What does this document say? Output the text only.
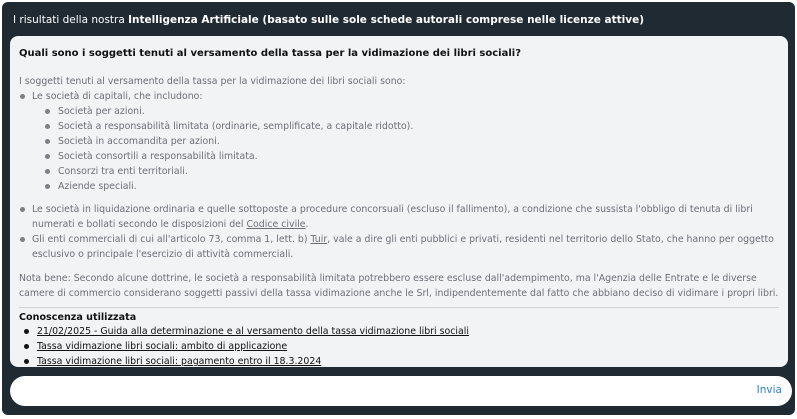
I risultati della nostra Intelligenza Artificiale (basato sulle sole schede autorali comprese nelle licenze attive)
Quali sono i soggetti tenuti al versamento della tassa per la vidimazione dei libri sociali?
I soggetti tenuti al versamento della tassa per la vidimazione dei libri sociali sono:
Le società di capitali, che includono:
Società per azioni.
Società a responsabilità limitata (ordinarie, semplificate, a capitale ridotto).
Società in accomandita per azioni.
Società consortili a responsabilità limitata.
Consorzi tra enti territoriali.
Aziende speciali.
Le società in liquidazione ordinaria e quelle sottoposte a procedure concorsuali (escluso il fallimento), a condizione che sussista l'obbligo di tenuta di libri numerati e bollati secondo le disposizioni del Codice civile.
Gli enti commerciali di cui all'articolo 73, comma 1, lett. b) Tuir, vale a dire gli enti pubblici e privati, residenti nel territorio dello Stato, che hanno per oggetto esclusivo o principale l'esercizio di attività commerciali.
Nota bene: Secondo alcune dottrine, le società a responsabilità limitata potrebbero essere escluse dall'adempimento, ma l'Agenzia delle Entrate e le diverse camere di commercio considerano soggetti passivi della tassa vidimazione anche le Srl, indipendentemente dal fatto che abbiano deciso di vidimare i propri libri.
Conoscenza utilizzata
21/02/2025 - Guida alla determinazione e al versamento della tassa vidimazione libri sociali
Tassa vidimazione libri sociali: ambito di applicazione
Tassa vidimazione libri sociali: pagamento entro il 18.3.2024
Invia
